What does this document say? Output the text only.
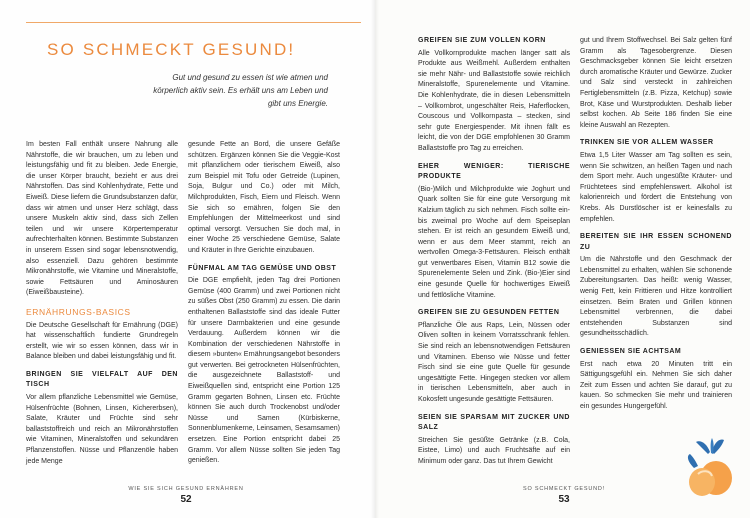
SO SCHMECKT GESUND!
Gut und gesund zu essen ist wie atmen und körperlich aktiv sein. Es erhält uns am Leben und gibt uns Energie.

Im besten Fall enthält unsere Nahrung alle Nährstoffe, die wir brauchen, um zu leben und leistungsfähig und fit zu bleiben. Jede Energie, die unser Körper braucht, bezieht er aus drei Nährstoffen. Das sind Kohlenhydrate, Fette und Eiweiß. Diese liefern die Grundsubstanzen dafür, dass wir atmen und unser Herz schlägt, dass unsere Muskeln aktiv sind, dass sich Zellen teilen und wir unsere Körpertemperatur aufrechterhalten können. Bestimmte Substanzen in unserem Essen sind sogar lebensnotwendig, also essenziell. Dazu gehören bestimmte Mikronährstoffe, wie Vitamine und Mineralstoffe, sowie Fettsäuren und Aminosäuren (Eiweißbausteine).

ERNÄHRUNGS-BASICS

Die Deutsche Gesellschaft für Ernährung (DGE) hat wissenschaftlich fundierte Grundregeln erstellt, wie wir so essen können, dass wir in Balance bleiben und dabei leistungsfähig und fit.

BRINGEN SIE VIELFALT AUF DEN TISCH

Vor allem pflanzliche Lebensmittel wie Gemüse, Hülsenfrüchte (Bohnen, Linsen, Kichererbsen), Salate, Kräuter und Früchte sind sehr ballaststoffreich und reich an Mikronährstoffen wie Vitaminen, Mineralstoffen und sekundären Pflanzenstoffen. Nüsse und Pflanzenöle haben jede Menge

gesunde Fette an Bord, die unsere Gefäße schützen. Ergänzen können Sie die Veggie-Kost mit pflanzlichem oder tierischem Eiweiß, also zum Beispiel mit Tofu oder Getreide (Lupinen, Soja, Bulgur und Co.) oder mit Milch, Milchprodukten, Fisch, Eiern und Fleisch. Wenn Sie sich so ernähren, folgen Sie den Empfehlungen der Mittelmeerkost und sind optimal versorgt. Versuchen Sie doch mal, in einer Woche 25 verschiedene Gemüse, Salate und Kräuter in Ihre Gerichte einzubauen.

FÜNFMAL AM TAG GEMÜSE UND OBST

Die DGE empfiehlt, jeden Tag drei Portionen Gemüse (400 Gramm) und zwei Portionen nicht zu süßes Obst (250 Gramm) zu essen. Die darin enthaltenen Ballaststoffe sind das ideale Futter für unsere Darmbakterien und eine gesunde Verdauung. Außerdem können wir die Kombination der verschiedenen Nährstoffe in diesem »bunten« Ernährungsangebot besonders gut verwerten. Bei getrockneten Hülsenfrüchten, die ausgezeichnete Ballaststoff- und Eiweißquellen sind, entspricht eine Portion 125 Gramm gegarten Bohnen, Linsen etc. Früchte können Sie auch durch Trockenobst und/oder Nüsse und Samen (Kürbiskerne, Sonnenblumenkerne, Leinsamen, Sesamsamen) ersetzen. Eine Portion entspricht dabei 25 Gramm. Vor allem Nüsse sollten Sie jeden Tag genießen.

GREIFEN SIE ZUM VOLLEN KORN

Alle Vollkornprodukte machen länger satt als Produkte aus Weißmehl. Außerdem enthalten sie mehr Nähr- und Ballaststoffe sowie reichlich Mineralstoffe, Spurenelemente und Vitamine. Die Kohlenhydrate, die in diesen Lebensmitteln – Vollkornbrot, ungeschälter Reis, Haferflocken, Couscous und Vollkornpasta – stecken, sind sehr gute Energiespender. Mit ihnen fällt es leicht, die von der DGE empfohlenen 30 Gramm Ballaststoffe pro Tag zu erreichen.

EHER WENIGER: TIERISCHE PRODUKTE

(Bio-)Milch und Milchprodukte wie Joghurt und Quark sollten Sie für eine gute Versorgung mit Kalzium täglich zu sich nehmen. Fisch sollte ein- bis zweimal pro Woche auf dem Speiseplan stehen. Er ist reich an gesundem Eiweiß und, wenn er aus dem Meer stammt, reich an wertvollen Omega-3-Fettsäuren. Fleisch enthält gut verwertbares Eisen, Vitamin B12 sowie die Spurenelemente Selen und Zink. (Bio-)Eier sind eine gesunde Quelle für hochwertiges Eiweiß und fettlösliche Vitamine.

GREIFEN SIE ZU GESUNDEN FETTEN

Pflanzliche Öle aus Raps, Lein, Nüssen oder Oliven sollten in keinem Vorratsschrank fehlen. Sie sind reich an lebensnotwendigen Fettsäuren und Vitaminen. Ebenso wie Nüsse und fetter Fisch sind sie eine gute Quelle für gesunde ungesättigte Fette. Hingegen stecken vor allem in tierischen Lebensmitteln, aber auch in Kokosfett ungesunde gesättigte Fettsäuren.

SEIEN SIE SPARSAM MIT ZUCKER UND SALZ

Streichen Sie gesüßte Getränke (z.B. Cola, Eistee, Limo) und auch Fruchtsäfte auf ein Minimum oder ganz. Das tut Ihrem Gewicht

gut und Ihrem Stoffwechsel. Bei Salz gelten fünf Gramm als Tagesobergrenze. Diesen Geschmacksgeber können Sie leicht ersetzen durch aromatische Kräuter und Gewürze. Zucker und Salz sind versteckt in zahlreichen Fertiglebensmitteln (z.B. Pizza, Ketchup) sowie Brot, Käse und Wurstprodukten. Deshalb lieber selbst kochen. Ab Seite 186 finden Sie eine kleine Auswahl an Rezepten.

TRINKEN SIE VOR ALLEM WASSER

Etwa 1,5 Liter Wasser am Tag sollten es sein, wenn Sie schwitzen, an heißen Tagen und nach dem Sport mehr. Auch ungesüßte Kräuter- und Früchtetees sind empfehlenswert. Alkohol ist kalorienreich und fördert die Entstehung von Krebs. Als Durstlöscher ist er keinesfalls zu empfehlen.

BEREITEN SIE IHR ESSEN SCHONEND ZU

Um die Nährstoffe und den Geschmack der Lebensmittel zu erhalten, wählen Sie schonende Zubereitungsarten. Das heißt: wenig Wasser, wenig Fett, kein Frittieren und Hitze kontrolliert einsetzen. Beim Braten und Grillen können Lebensmittel verbrennen, die dabei entstehenden Substanzen sind gesundheitsschädlich.

GENIESSEN SIE ACHTSAM

Erst nach etwa 20 Minuten tritt ein Sättigungsgefühl ein. Nehmen Sie sich daher Zeit zum Essen und achten Sie darauf, gut zu kauen. So schmecken Sie mehr und trainieren ein gesundes Hungergefühl.

WIE SIE SICH GESUND ERNÄHREN
52
SO SCHMECKT GESUND!
53
